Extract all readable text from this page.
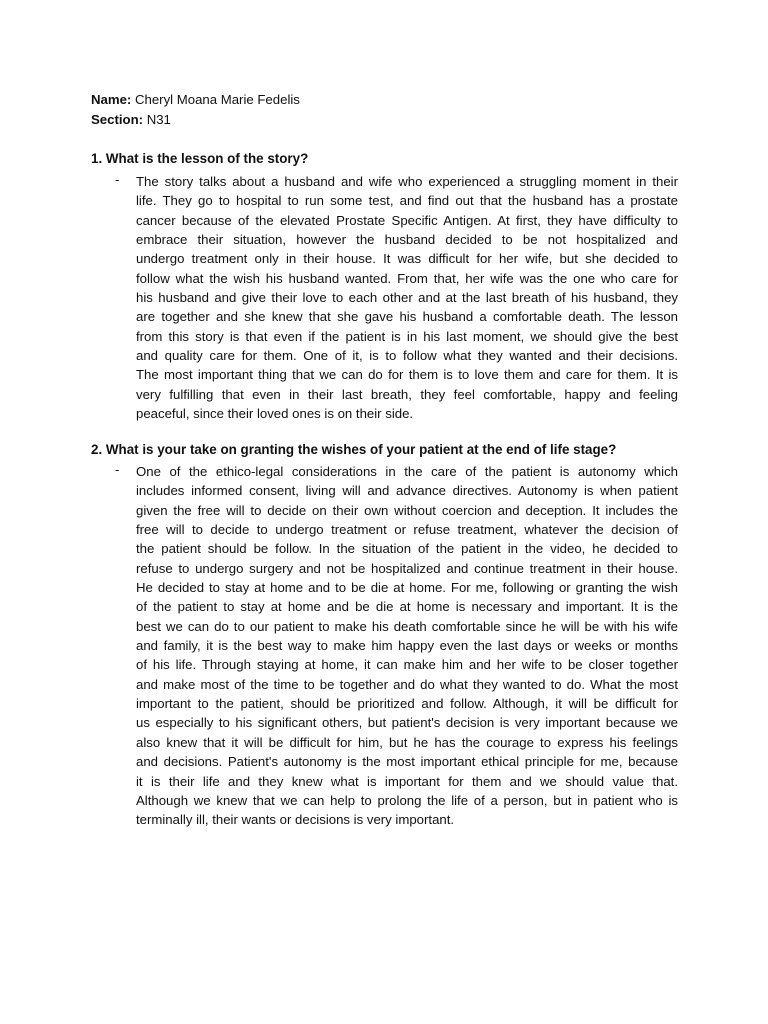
Name: Cheryl Moana Marie Fedelis
Section: N31
1. What is the lesson of the story?
- The story talks about a husband and wife who experienced a struggling moment in their
life. They go to hospital to run some test, and find out that the husband has a prostate
cancer because of the elevated Prostate Specific Antigen. At first, they have difficulty to
embrace their situation, however the husband decided to be not hospitalized and
undergo treatment only in their house. It was difficult for her wife, but she decided to
follow what the wish his husband wanted. From that, her wife was the one who care for
his husband and give their love to each other and at the last breath of his husband, they
are together and she knew that she gave his husband a comfortable death. The lesson
from this story is that even if the patient is in his last moment, we should give the best
and quality care for them. One of it, is to follow what they wanted and their decisions.
The most important thing that we can do for them is to love them and care for them. It is
very fulfilling that even in their last breath, they feel comfortable, happy and feeling
peaceful, since their loved ones is on their side.
2. What is your take on granting the wishes of your patient at the end of life stage?
- One of the ethico-legal considerations in the care of the patient is autonomy which
includes informed consent, living will and advance directives. Autonomy is when patient
given the free will to decide on their own without coercion and deception. It includes the
free will to decide to undergo treatment or refuse treatment, whatever the decision of
the patient should be follow. In the situation of the patient in the video, he decided to
refuse to undergo surgery and not be hospitalized and continue treatment in their house.
He decided to stay at home and to be die at home. For me, following or granting the wish
of the patient to stay at home and be die at home is necessary and important. It is the
best we can do to our patient to make his death comfortable since he will be with his wife
and family, it is the best way to make him happy even the last days or weeks or months
of his life. Through staying at home, it can make him and her wife to be closer together
and make most of the time to be together and do what they wanted to do. What the most
important to the patient, should be prioritized and follow. Although, it will be difficult for
us especially to his significant others, but patient's decision is very important because we
also knew that it will be difficult for him, but he has the courage to express his feelings
and decisions. Patient's autonomy is the most important ethical principle for me, because
it is their life and they knew what is important for them and we should value that.
Although we knew that we can help to prolong the life of a person, but in patient who is
terminally ill, their wants or decisions is very important.
